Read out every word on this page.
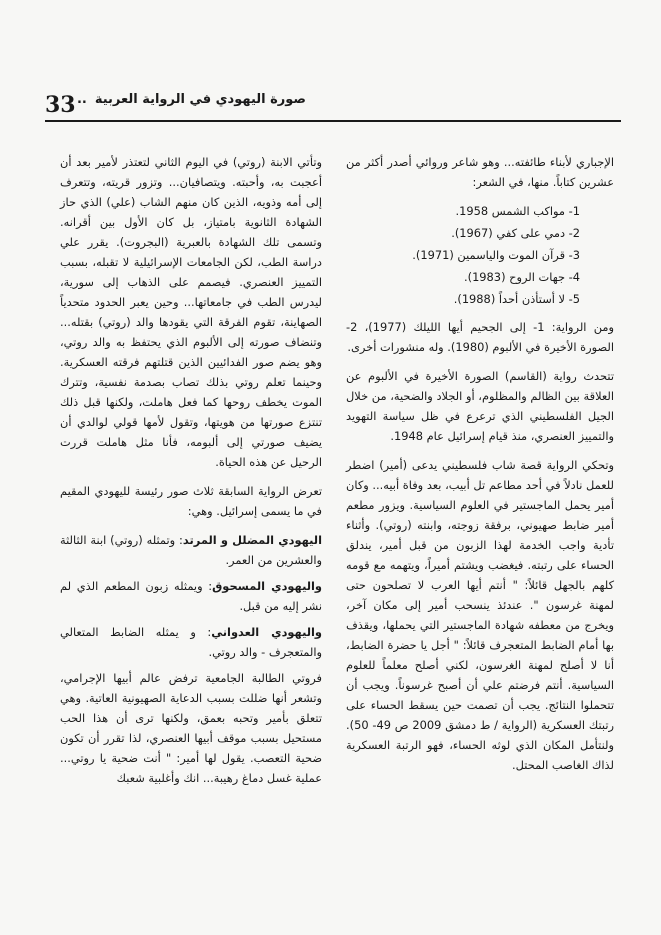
33 صورة اليهودي في الرواية العربية..

الإجباري لأبناء طائفته... وهو شاعر وروائي أصدر أكثر من عشرين كتاباً. منها، في الشعر:

1- مواكب الشمس 1958.
2- دمي على كفي (1967).
3- قرآن الموت والياسمين (1971).
4- جهات الروح (1983).
5- لا أستأذن أحداً (1988).

ومن الرواية: 1- إلى الجحيم أيها الليلك (1977)، 2- الصورة الأخيرة في الألبوم (1980). وله منشورات أخرى.

تتحدث رواية (القاسم) الصورة الأخيرة في الألبوم عن العلاقة بين الظالم والمظلوم، أو الجلاد والضحية، من خلال الجيل الفلسطيني الذي ترعرع في ظل سياسة التهويد والتمييز العنصري، منذ قيام إسرائيل عام 1948.

وتحكي الرواية قصة شاب فلسطيني يدعى (أمير) اضطر للعمل نادلاً في أحد مطاعم تل أبيب، بعد وفاة أبيه... وكان أمير يحمل الماجستير في العلوم السياسية. ويزور مطعم أمير ضابط صهيوني، برفقة زوجته، وابنته (روتي). وأثناء تأدية واجب الخدمة لهذا الزبون من قبل أمير، يندلق الحساء على رتبته. فيغضب ويشتم أميراً، ويتهمه مع قومه كلهم بالجهل قائلاً: " أنتم أيها العرب لا تصلحون حتى لمهنة غرسون ". عندئذ ينسحب أمير إلى مكان آخر، ويخرج من معطفه شهادة الماجستير التي يحملها، ويقذف بها أمام الضابط المتعجرف قائلاً: " أجل يا حضرة الضابط، أنا لا أصلح لمهنة الغرسون، لكني أصلح معلماً للعلوم السياسية. أنتم فرضتم علي أن أصبح غرسوناً. ويجب أن تتحملوا النتائج. يجب أن تصمت حين يسقط الحساء على رتبتك العسكرية (الرواية / ط دمشق 2009 ص 49- 50). ولنتأمل المكان الذي لوثه الحساء، فهو الرتبة العسكرية لذاك الغاصب المحتل.

وتأتي الابنة (روتي) في اليوم الثاني لتعتذر لأمير بعد أن أعجبت به، وأحبته. ويتصافيان... وتزور قريته، وتتعرف إلى أمه وذويه، الذين كان منهم الشاب (علي) الذي حاز الشهادة الثانوية بامتياز، بل كان الأول بين أقرانه. وتسمى تلك الشهادة بالعبرية (البجروت). يقرر علي دراسة الطب، لكن الجامعات الإسرائيلية لا تقبله، بسبب التمييز العنصري. فيصمم على الذهاب إلى سورية، ليدرس الطب في جامعاتها... وحين يعبر الحدود متحدياً الصهاينة، تقوم الفرقة التي يقودها والد (روتي) بقتله... وتنضاف صورته إلى الألبوم الذي يحتفظ به والد روتي، وهو يضم صور الفدائيين الذين قتلتهم فرقته العسكرية. وحينما تعلم روتي بذلك تصاب بصدمة نفسية، وتترك الموت يخطف روحها كما فعل هاملت، ولكنها قبل ذلك تنتزع صورتها من هويتها، وتقول لأمها قولي لوالدي أن يضيف صورتي إلى ألبومه، فأنا مثل هاملت قررت الرحيل عن هذه الحياة.

تعرض الرواية السابقة ثلاث صور رئيسة لليهودي المقيم في ما يسمى إسرائيل. وهي:

اليهودي المضلل و المرتد: وتمثله (روتي) ابنة الثالثة والعشرين من العمر.

واليهودي المسحوق: ويمثله زبون المطعم الذي لم نشر إليه من قبل.

واليهودي العدواني: و يمثله الضابط المتعالي والمتعجرف - والد روتي.

فروتي الطالبة الجامعية ترفض عالم أبيها الإجرامي، وتشعر أنها ضللت بسبب الدعاية الصهيونية العاتية. وهي تتعلق بأمير وتحبه بعمق، ولكنها ترى أن هذا الحب مستحيل بسبب موقف أبيها العنصري، لذا تقرر أن تكون ضحية التعصب. يقول لها أمير: " أنت ضحية يا روتي... عملية غسل دماغ رهيبة... انك وأغلبية شعبك
